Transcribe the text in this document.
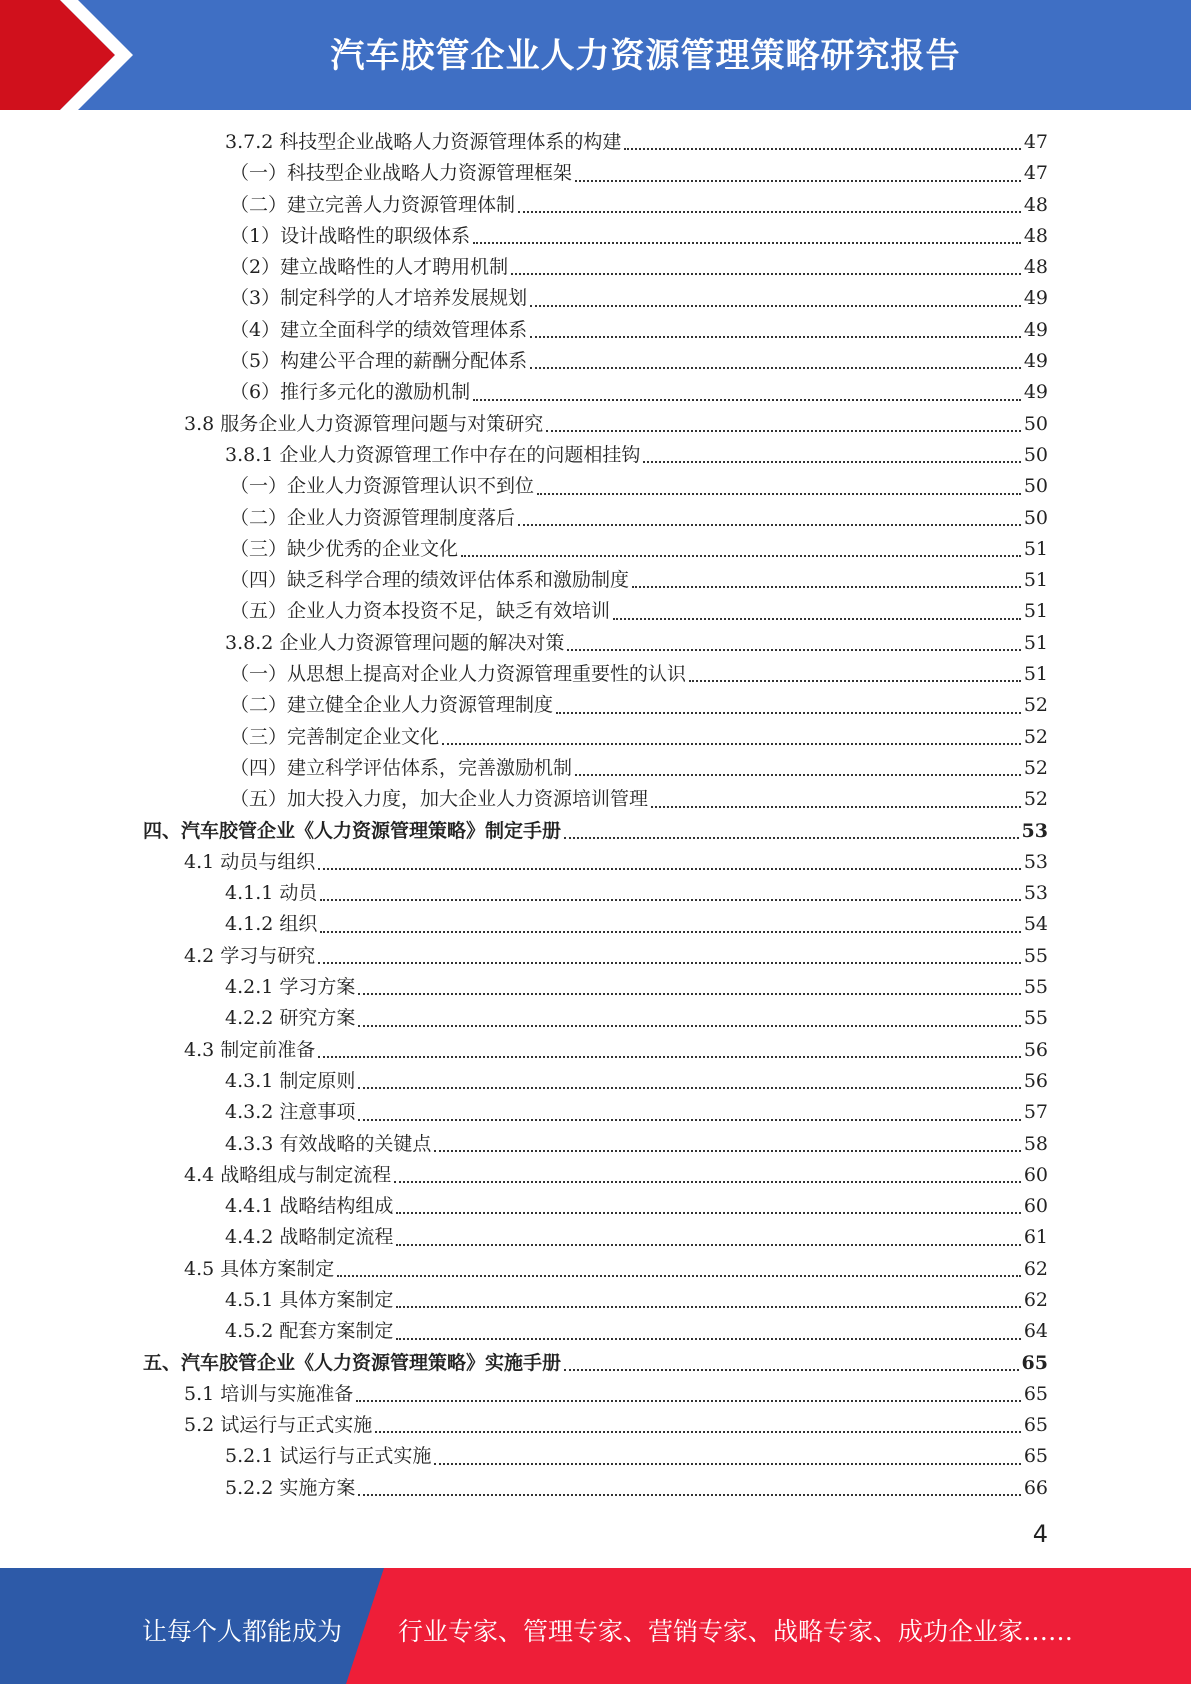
汽车胶管企业人力资源管理策略研究报告
3.7.2 科技型企业战略人力资源管理体系的构建	47
（一）科技型企业战略人力资源管理框架	47
（二）建立完善人力资源管理体制	48
（1）设计战略性的职级体系	48
（2）建立战略性的人才聘用机制	48
（3）制定科学的人才培养发展规划	49
（4）建立全面科学的绩效管理体系	49
（5）构建公平合理的薪酬分配体系	49
（6）推行多元化的激励机制	49
3.8 服务企业人力资源管理问题与对策研究	50
3.8.1 企业人力资源管理工作中存在的问题相挂钩	50
（一）企业人力资源管理认识不到位	50
（二）企业人力资源管理制度落后	50
（三）缺少优秀的企业文化	51
（四）缺乏科学合理的绩效评估体系和激励制度	51
（五）企业人力资本投资不足，缺乏有效培训	51
3.8.2 企业人力资源管理问题的解决对策	51
（一）从思想上提高对企业人力资源管理重要性的认识	51
（二）建立健全企业人力资源管理制度	52
（三）完善制定企业文化	52
（四）建立科学评估体系，完善激励机制	52
（五）加大投入力度，加大企业人力资源培训管理	52
四、汽车胶管企业《人力资源管理策略》制定手册	53
4.1 动员与组织	53
4.1.1 动员	53
4.1.2 组织	54
4.2 学习与研究	55
4.2.1 学习方案	55
4.2.2 研究方案	55
4.3 制定前准备	56
4.3.1 制定原则	56
4.3.2 注意事项	57
4.3.3 有效战略的关键点	58
4.4 战略组成与制定流程	60
4.4.1 战略结构组成	60
4.4.2 战略制定流程	61
4.5 具体方案制定	62
4.5.1 具体方案制定	62
4.5.2 配套方案制定	64
五、汽车胶管企业《人力资源管理策略》实施手册	65
5.1 培训与实施准备	65
5.2 试运行与正式实施	65
5.2.1 试运行与正式实施	65
5.2.2 实施方案	66
4
让每个人都能成为 行业专家、管理专家、营销专家、战略专家、成功企业家……
